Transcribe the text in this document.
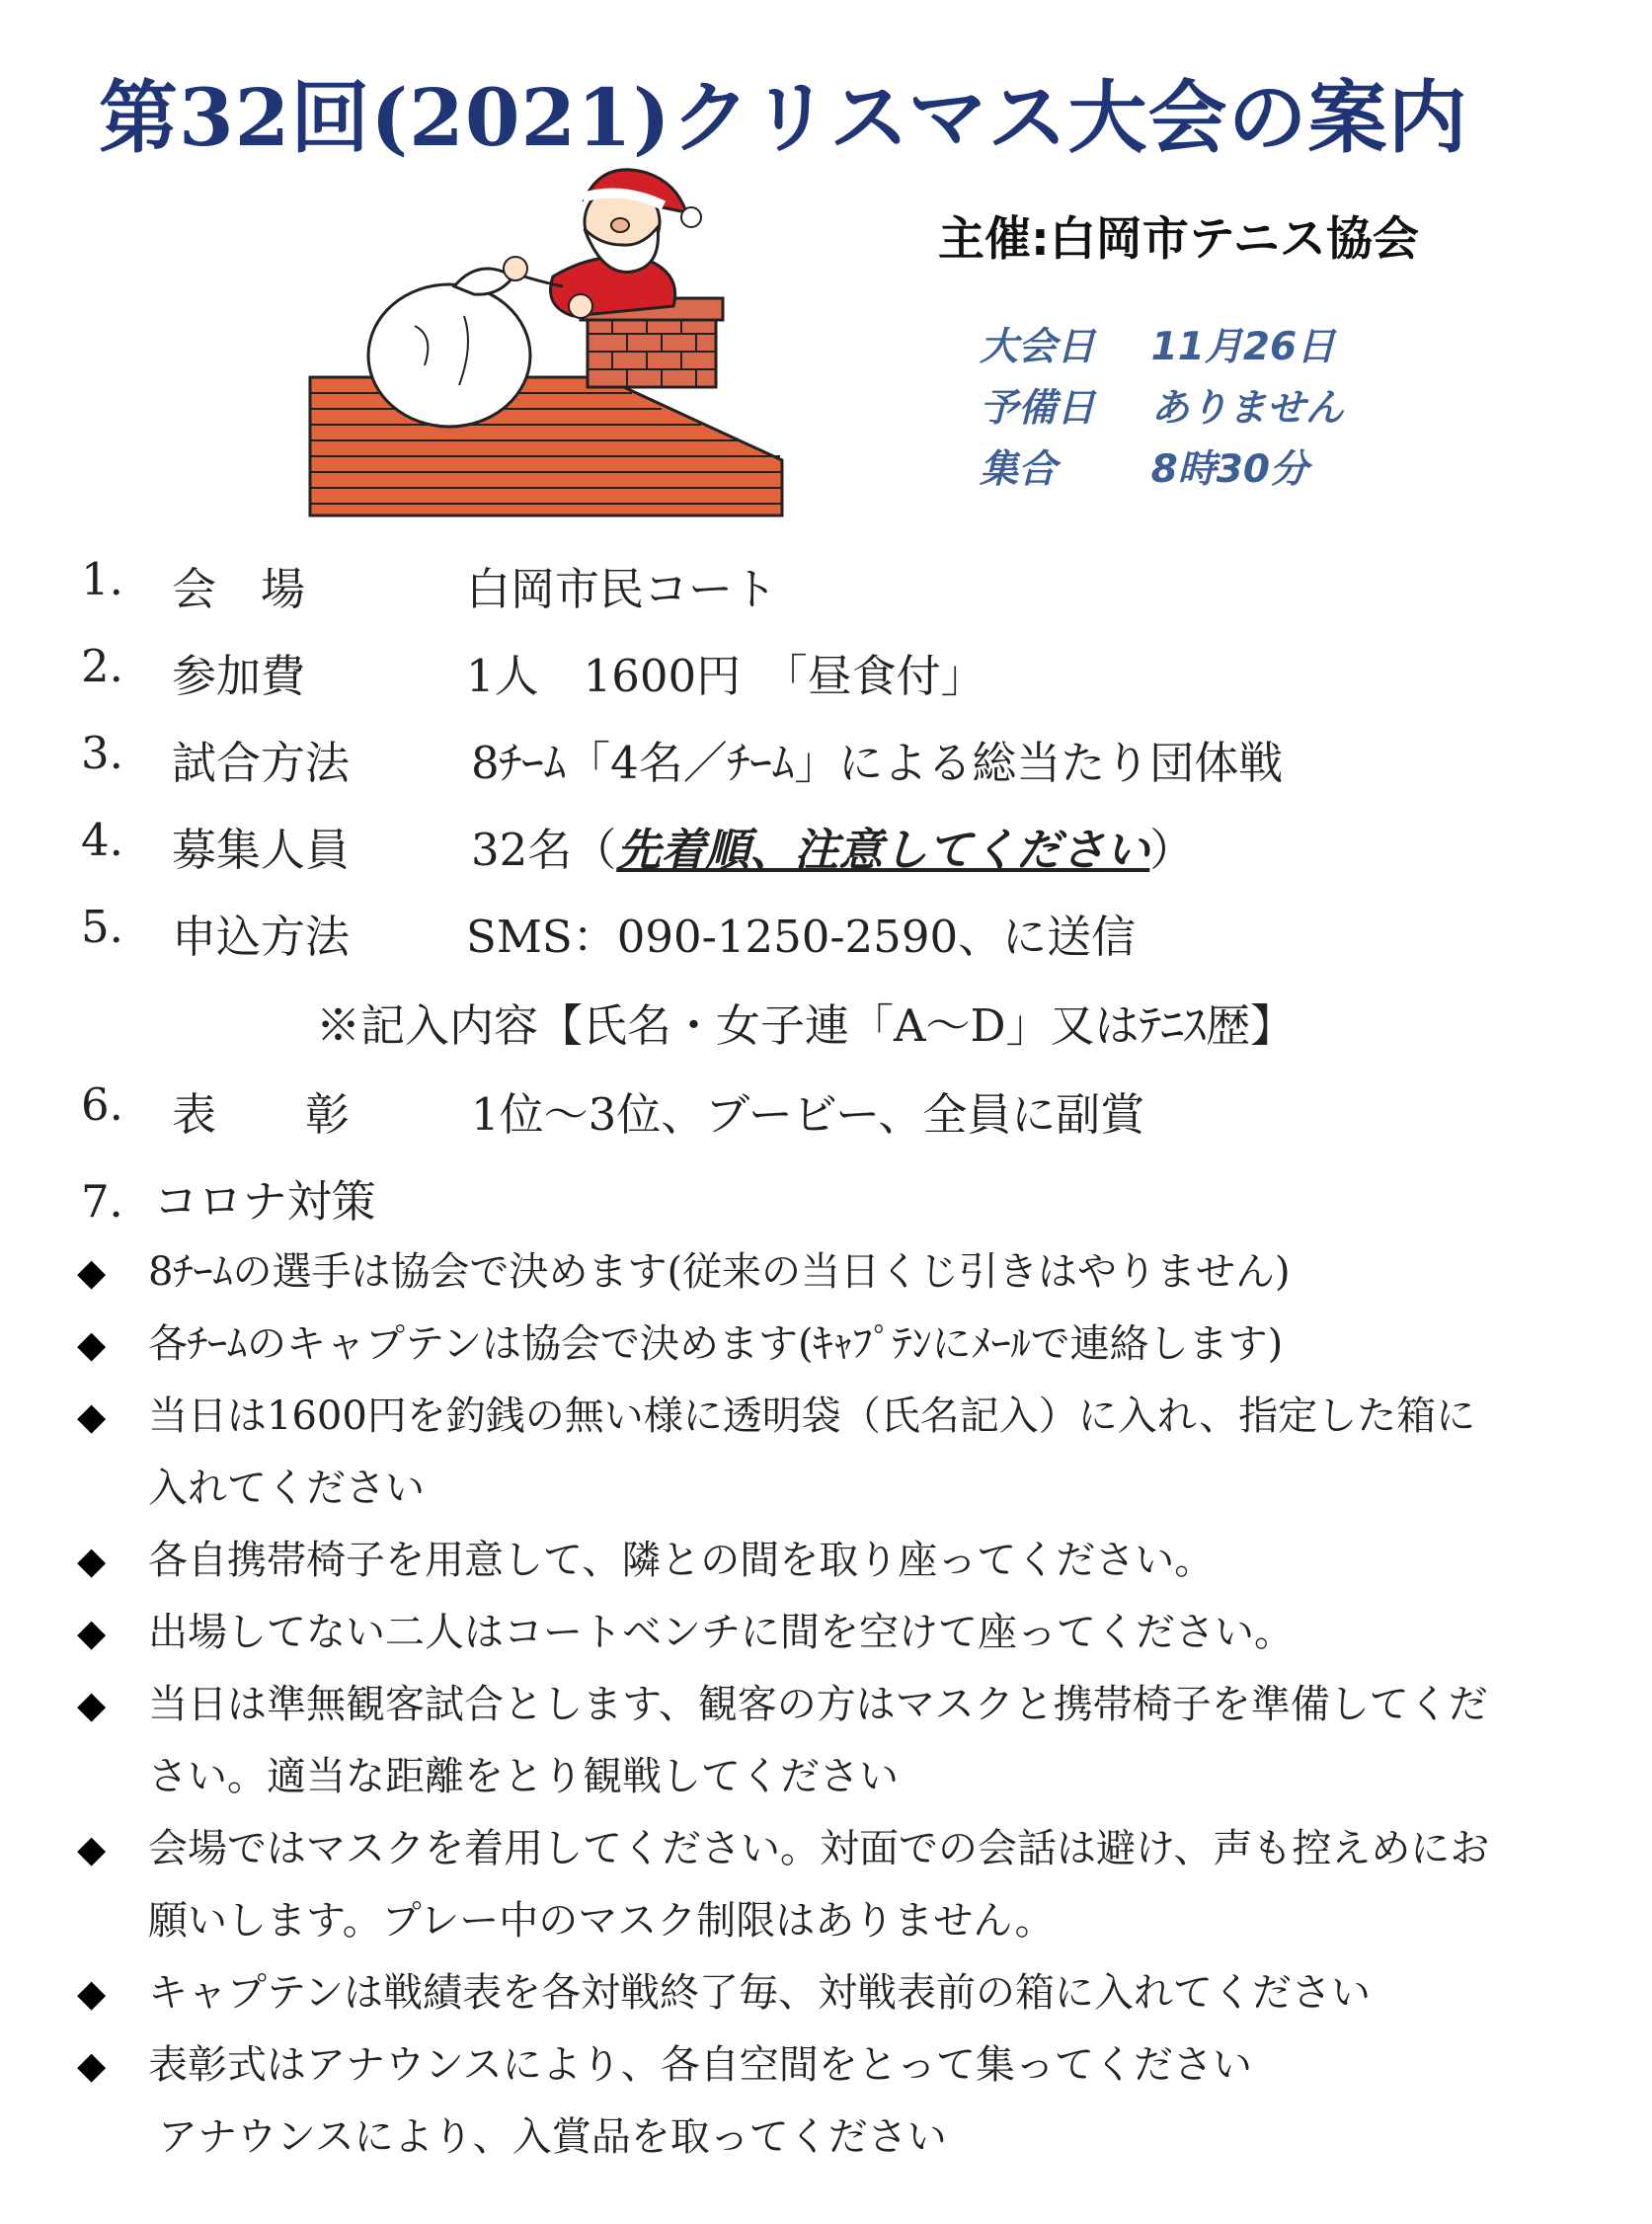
第32回(2021)クリスマス大会の案内
主催:白岡市テニス協会
大会日 11月26日
予備日 ありません
集合 8時30分
1. 会　場	白岡市民コート
2. 参加費	1人　1600円　「昼食付」
3. 試合方法	8ﾁｰﾑ「4名／ﾁｰﾑ」による総当たり団体戦
4. 募集人員	32名（先着順、注意してください）
5. 申込方法	SMS：090-1250-2590、に送信
※記入内容【氏名・女子連「A～D」又はﾃﾆｽ歴】
6. 表　　彰	1位～3位、ブービー、全員に副賞
7．コロナ対策
◆ 8ﾁｰﾑの選手は協会で決めます(従来の当日くじ引きはやりません)
◆ 各ﾁｰﾑのキャプテンは協会で決めます(ｷｬﾌﾟﾃﾝにﾒｰﾙで連絡します)
◆ 当日は1600円を釣銭の無い様に透明袋（氏名記入）に入れ、指定した箱に
入れてください
◆ 各自携帯椅子を用意して、隣との間を取り座ってください。
◆ 出場してない二人はコートベンチに間を空けて座ってください。
◆ 当日は準無観客試合とします、観客の方はマスクと携帯椅子を準備してくだ
さい。適当な距離をとり観戦してください
◆ 会場ではマスクを着用してください。対面での会話は避け、声も控えめにお
願いします。プレー中のマスク制限はありません。
◆ キャプテンは戦績表を各対戦終了毎、対戦表前の箱に入れてください
◆ 表彰式はアナウンスにより、各自空間をとって集ってください
アナウンスにより、入賞品を取ってください
